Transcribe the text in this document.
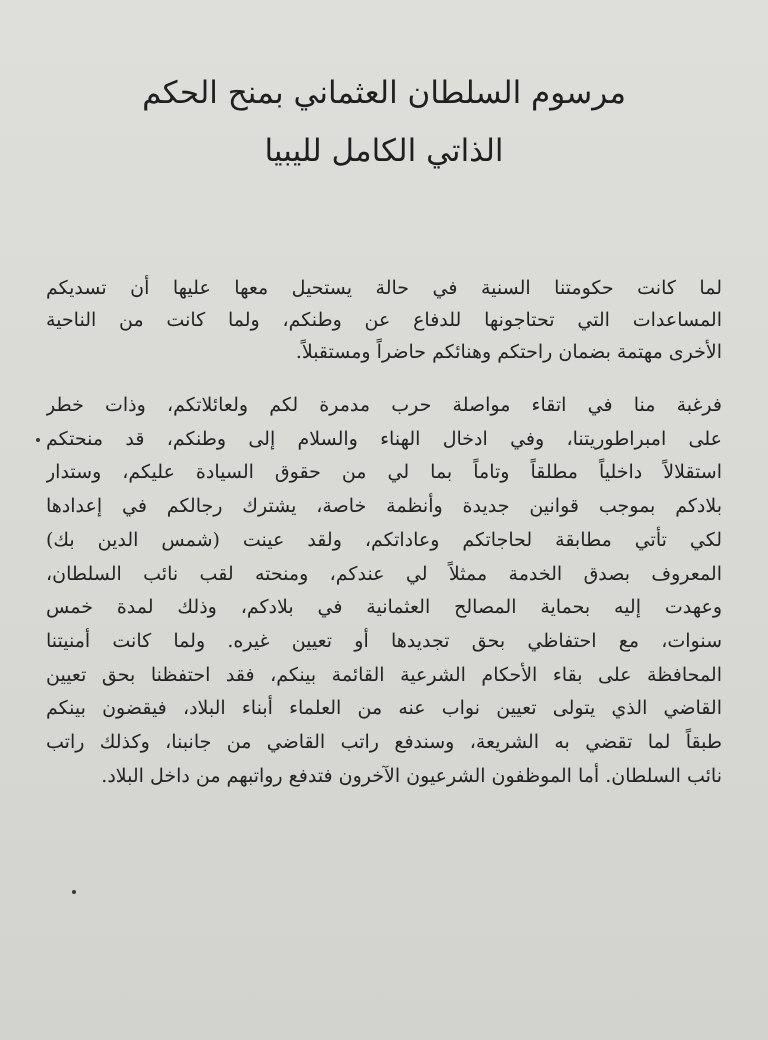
مرسوم السلطان العثماني بمنح الحكم
الذاتي الكامل لليبيا

لما كانت حكومتنا السنية في حالة يستحيل معها عليها أن تسديكم

المساعدات التي تحتاجونها للدفاع عن وطنكم، ولما كانت من الناحية

الأخرى مهتمة بضمان راحتكم وهنائكم حاضراً ومستقبلاً.

فرغبة منا في اتقاء مواصلة حرب مدمرة لكم ولعائلاتكم، وذات خطر

على امبراطوريتنا، وفي ادخال الهناء والسلام إلى وطنكم، قد منحتكم

استقلالاً داخلياً مطلقاً وتاماً بما لي من حقوق السيادة عليكم، وستدار

بلادكم بموجب قوانين جديدة وأنظمة خاصة، يشترك رجالكم في إعدادها

لكي تأتي مطابقة لحاجاتكم وعاداتكم، ولقد عينت (شمس الدين بك)

المعروف بصدق الخدمة ممثلاً لي عندكم، ومنحته لقب نائب السلطان،

وعهدت إليه بحماية المصالح العثمانية في بلادكم، وذلك لمدة خمس

سنوات، مع احتفاظي بحق تجديدها أو تعيين غيره. ولما كانت أمنيتنا

المحافظة على بقاء الأحكام الشرعية القائمة بينكم، فقد احتفظنا بحق تعيين

القاضي الذي يتولى تعيين نواب عنه من العلماء أبناء البلاد، فيقضون بينكم

طبقاً لما تقضي به الشريعة، وسندفع راتب القاضي من جانبنا، وكذلك راتب

نائب السلطان. أما الموظفون الشرعيون الآخرون فتدفع رواتبهم من داخل البلاد.
